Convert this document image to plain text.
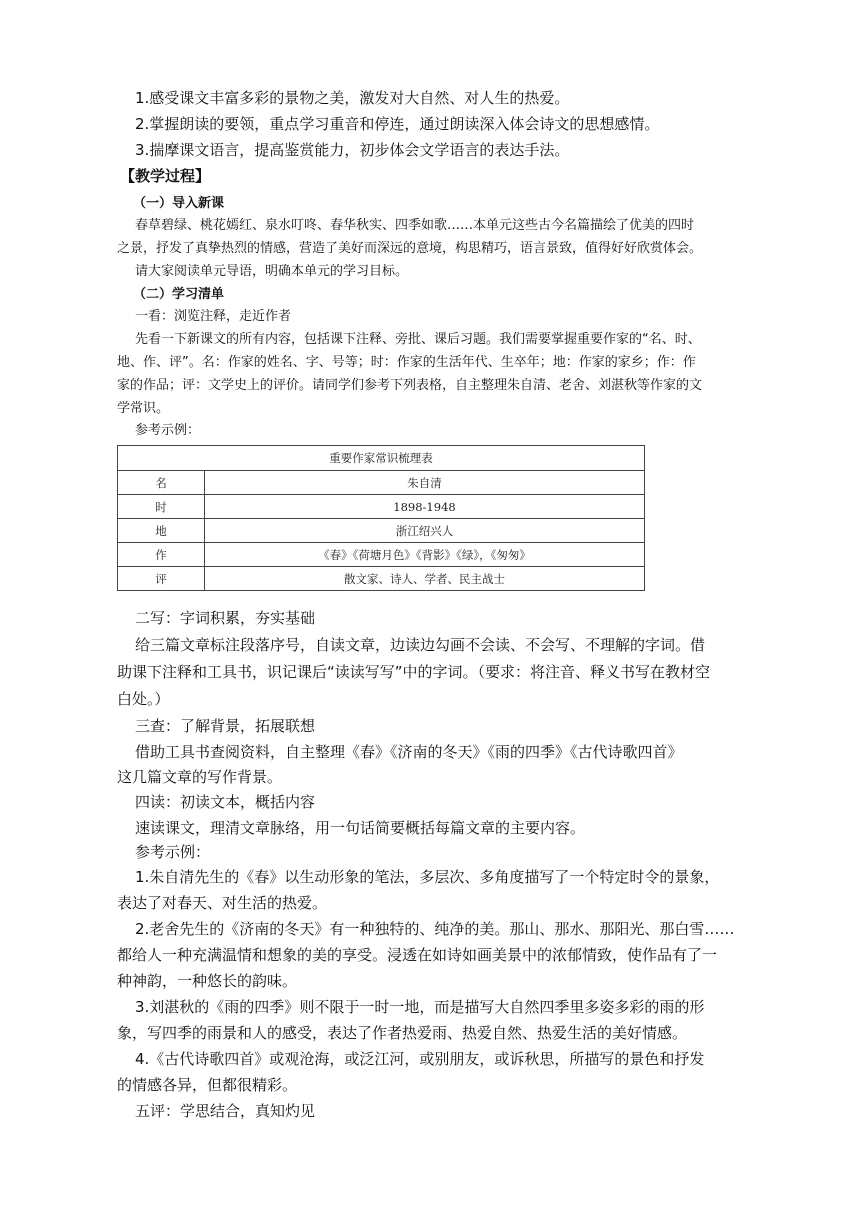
1.感受课文丰富多彩的景物之美，激发对大自然、对人生的热爱。
2.掌握朗读的要领，重点学习重音和停连，通过朗读深入体会诗文的思想感情。
3.揣摩课文语言，提高鉴赏能力，初步体会文学语言的表达手法。
【教学过程】
（一）导入新课
春草碧绿、桃花嫣红、泉水叮咚、春华秋实、四季如歌……本单元这些古今名篇描绘了优美的四时
之景，抒发了真挚热烈的情感，营造了美好而深远的意境，构思精巧，语言景致，值得好好欣赏体会。
请大家阅读单元导语，明确本单元的学习目标。
（二）学习清单
一看：浏览注释，走近作者
先看一下新课文的所有内容，包括课下注释、旁批、课后习题。我们需要掌握重要作家的“名、时、
地、作、评”。名：作家的姓名、字、号等；时：作家的生活年代、生卒年；地：作家的家乡；作：作
家的作品；评：文学史上的评价。请同学们参考下列表格，自主整理朱自清、老舍、刘湛秋等作家的文
学常识。
参考示例：
重要作家常识梳理表	
名	朱自清
时	1898-1948
地	浙江绍兴人
作	《春》《荷塘月色》《背影》《绿》，《匆匆》
评	散文家、诗人、学者、民主战士
二写：字词积累，夯实基础
给三篇文章标注段落序号，自读文章，边读边勾画不会读、不会写、不理解的字词。借
助课下注释和工具书，识记课后“读读写写”中的字词。（要求：将注音、释义书写在教材空
白处。）
三查：了解背景，拓展联想
借助工具书查阅资料，自主整理《春》《济南的冬天》《雨的四季》《古代诗歌四首》
这几篇文章的写作背景。
四读：初读文本，概括内容
速读课文，理清文章脉络，用一句话简要概括每篇文章的主要内容。
参考示例：
1.朱自清先生的《春》以生动形象的笔法，多层次、多角度描写了一个特定时令的景象，
表达了对春天、对生活的热爱。
2.老舍先生的《济南的冬天》有一种独特的、纯净的美。那山、那水、那阳光、那白雪……
都给人一种充满温情和想象的美的享受。浸透在如诗如画美景中的浓郁情致，使作品有了一
种神韵，一种悠长的韵味。
3.刘湛秋的《雨的四季》则不限于一时一地，而是描写大自然四季里多姿多彩的雨的形
象，写四季的雨景和人的感受，表达了作者热爱雨、热爱自然、热爱生活的美好情感。
4.《古代诗歌四首》或观沧海，或泛江河，或别朋友，或诉秋思，所描写的景色和抒发
的情感各异，但都很精彩。
五评：学思结合，真知灼见
